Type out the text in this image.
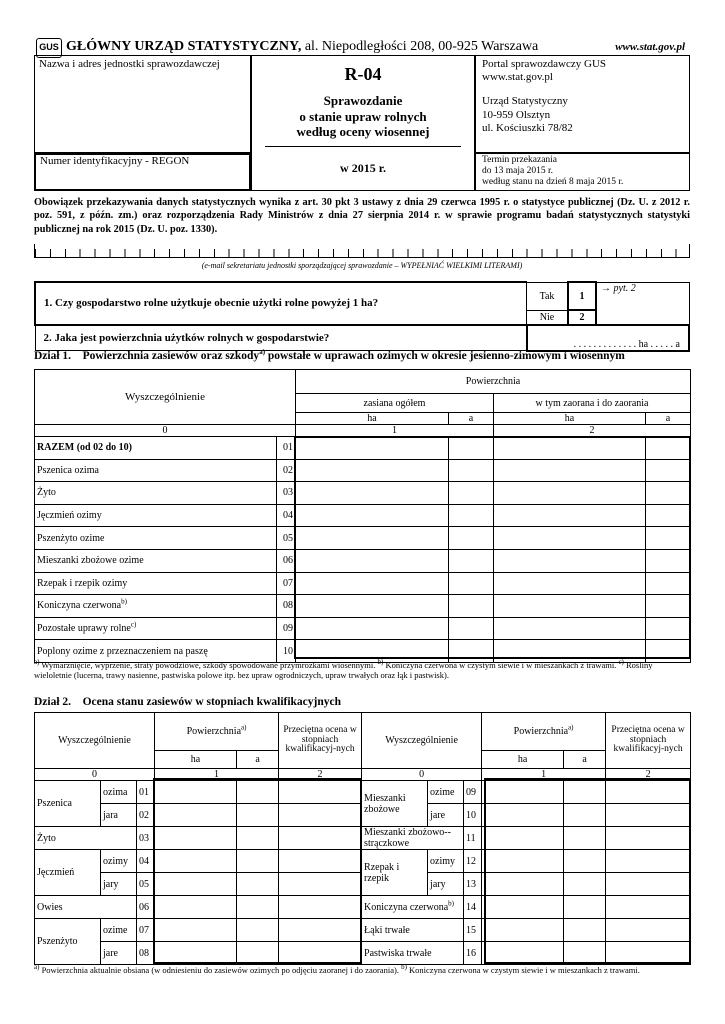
GUS GŁÓWNY URZĄD STATYSTYCZNY, al. Niepodległości 208, 00-925 Warszawa	www.stat.gov.pl
Nazwa i adres jednostki sprawozdawczej
Numer identyfikacyjny - REGON
R-04
Sprawozdanie
o stanie upraw rolnych
według oceny wiosennej
w 2015 r.
Portal sprawozdawczy GUS
www.stat.gov.pl
Urząd Statystyczny
10-959 Olsztyn
ul. Kościuszki 78/82
Termin przekazania
do 13 maja 2015 r.
według stanu na dzień 8 maja 2015 r.
Obowiązek przekazywania danych statystycznych wynika z art. 30 pkt 3 ustawy z dnia 29 czerwca 1995 r. o statystyce publicznej (Dz. U. z 2012 r. poz. 591, z późn. zm.) oraz rozporządzenia Rady Ministrów z dnia 27 sierpnia 2014 r. w sprawie programu badań statystycznych statystyki publicznej na rok 2015 (Dz. U. poz. 1330).
(e-mail sekretariatu jednostki sporządzającej sprawozdanie – WYPEŁNIAĆ WIELKIMI LITERAMI)
1. Czy gospodarstwo rolne użytkuje obecnie użytki rolne powyżej 1 ha?	Tak	1	→ pyt. 2
	Nie	2	
2. Jaka jest powierzchnia użytków rolnych w gospodarstwie?	. . . . . . . . . . . . . ha . . . . . a		
Dział 1. Powierzchnia zasiewów oraz szkody$^{a)}$ powstałe w uprawach ozimych w okresie jesienno-zimowym i wiosennym
Wyszczególnienie		Powierzchnia			
		zasiana ogółem		w tym zaorana i do zaorania	
		ha	a	ha	a
0		1		2	
RAZEM (od 02 do 10)	01				
Pszenica ozima	02				
Żyto	03				
Jęczmień ozimy	04				
Pszenżyto ozime	05				
Mieszanki zbożowe ozime	06				
Rzepak i rzepik ozimy	07				
Koniczyna czerwona$^{b)}$	08				
Pozostałe uprawy rolne$^{c)}$	09				
Poplony ozime z przeznaczeniem na paszę	10				
$^{a)}$ Wymarznięcie, wyprzenie, straty powodziowe, szkody spowodowane przymrozkami wiosennymi. $^{b)}$ Koniczyna czerwona w czystym siewie i w mieszankach z trawami. $^{c)}$ Rośliny wieloletnie (lucerna, trawy nasienne, pastwiska polowe itp. bez upraw ogrodniczych, upraw trwałych oraz łąk i pastwisk).
Dział 2. Ocena stanu zasiewów w stopniach kwalifikacyjnych
Wyszczególnienie			Powierzchnia$^{a)}$		Przeciętna ocena w stopniach kwalifikacyj-nych	Wyszczególnienie			Powierzchnia$^{a)}$		Przeciętna ocena w stopniach kwalifikacyj-nych
			ha	a					ha	a	
0			1		2	0			1		2
Pszenica	ozima	01				Mieszanki zbożowe	ozime	09			
	jara	02					jare	10			
Żyto		03				Mieszanki zbożowo--strączkowe		11			
Jęczmień	ozimy	04				Rzepak i rzepik	ozimy	12			
	jary	05					jary	13			
Owies		06				Koniczyna czerwona$^{b)}$		14			
Pszenżyto	ozime	07				Łąki trwałe		15			
	jare	08				Pastwiska trwałe		16			
$^{a)}$ Powierzchnia aktualnie obsiana (w odniesieniu do zasiewów ozimych po odjęciu zaoranej i do zaorania). $^{b)}$ Koniczyna czerwona w czystym siewie i w mieszankach z trawami.
